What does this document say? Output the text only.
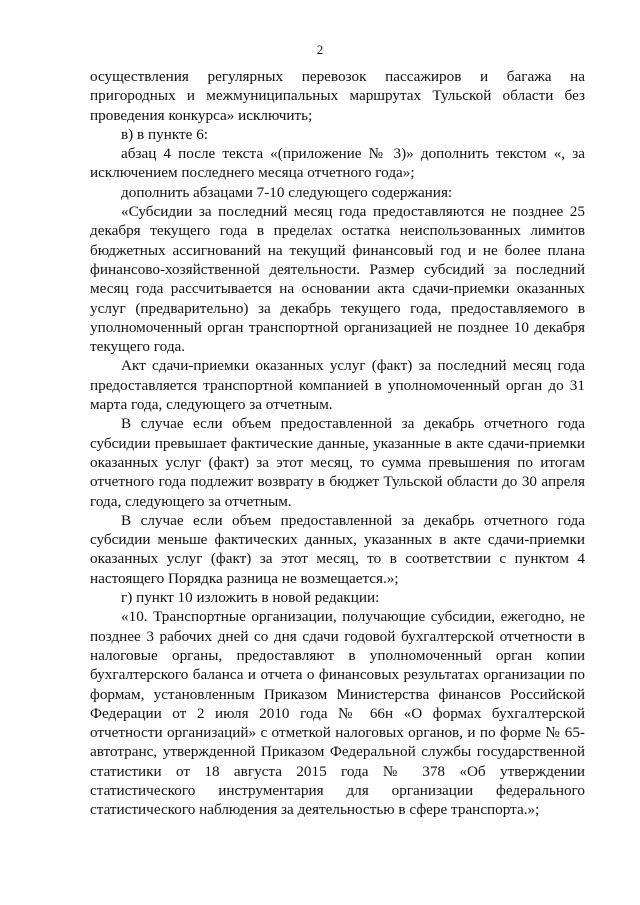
2

осуществления регулярных перевозок пассажиров и багажа на пригородных и межмуниципальных маршрутах Тульской области без проведения конкурса» исключить;

в) в пункте 6:

абзац 4 после текста «(приложение № 3)» дополнить текстом «, за исключением последнего месяца отчетного года»;

дополнить абзацами 7-10 следующего содержания:

«Субсидии за последний месяц года предоставляются не позднее 25 декабря текущего года в пределах остатка неиспользованных лимитов бюджетных ассигнований на текущий финансовый год и не более плана финансово-хозяйственной деятельности. Размер субсидий за последний месяц года рассчитывается на основании акта сдачи-приемки оказанных услуг (предварительно) за декабрь текущего года, предоставляемого в уполномоченный орган транспортной организацией не позднее 10 декабря текущего года.

Акт сдачи-приемки оказанных услуг (факт) за последний месяц года предоставляется транспортной компанией в уполномоченный орган до 31 марта года, следующего за отчетным.

В случае если объем предоставленной за декабрь отчетного года субсидии превышает фактические данные, указанные в акте сдачи-приемки оказанных услуг (факт) за этот месяц, то сумма превышения по итогам отчетного года подлежит возврату в бюджет Тульской области до 30 апреля года, следующего за отчетным.

В случае если объем предоставленной за декабрь отчетного года субсидии меньше фактических данных, указанных в акте сдачи-приемки оказанных услуг (факт) за этот месяц, то в соответствии с пунктом 4 настоящего Порядка разница не возмещается.»;

г) пункт 10 изложить в новой редакции:

«10. Транспортные организации, получающие субсидии, ежегодно, не позднее 3 рабочих дней со дня сдачи годовой бухгалтерской отчетности в налоговые органы, предоставляют в уполномоченный орган копии бухгалтерского баланса и отчета о финансовых результатах организации по формам, установленным Приказом Министерства финансов Российской Федерации от 2 июля 2010 года № 66н «О формах бухгалтерской отчетности организаций» с отметкой налоговых органов, и по форме № 65-автотранс, утвержденной Приказом Федеральной службы государственной статистики от 18 августа 2015 года № 378 «Об утверждении статистического инструментария для организации федерального статистического наблюдения за деятельностью в сфере транспорта.»;
